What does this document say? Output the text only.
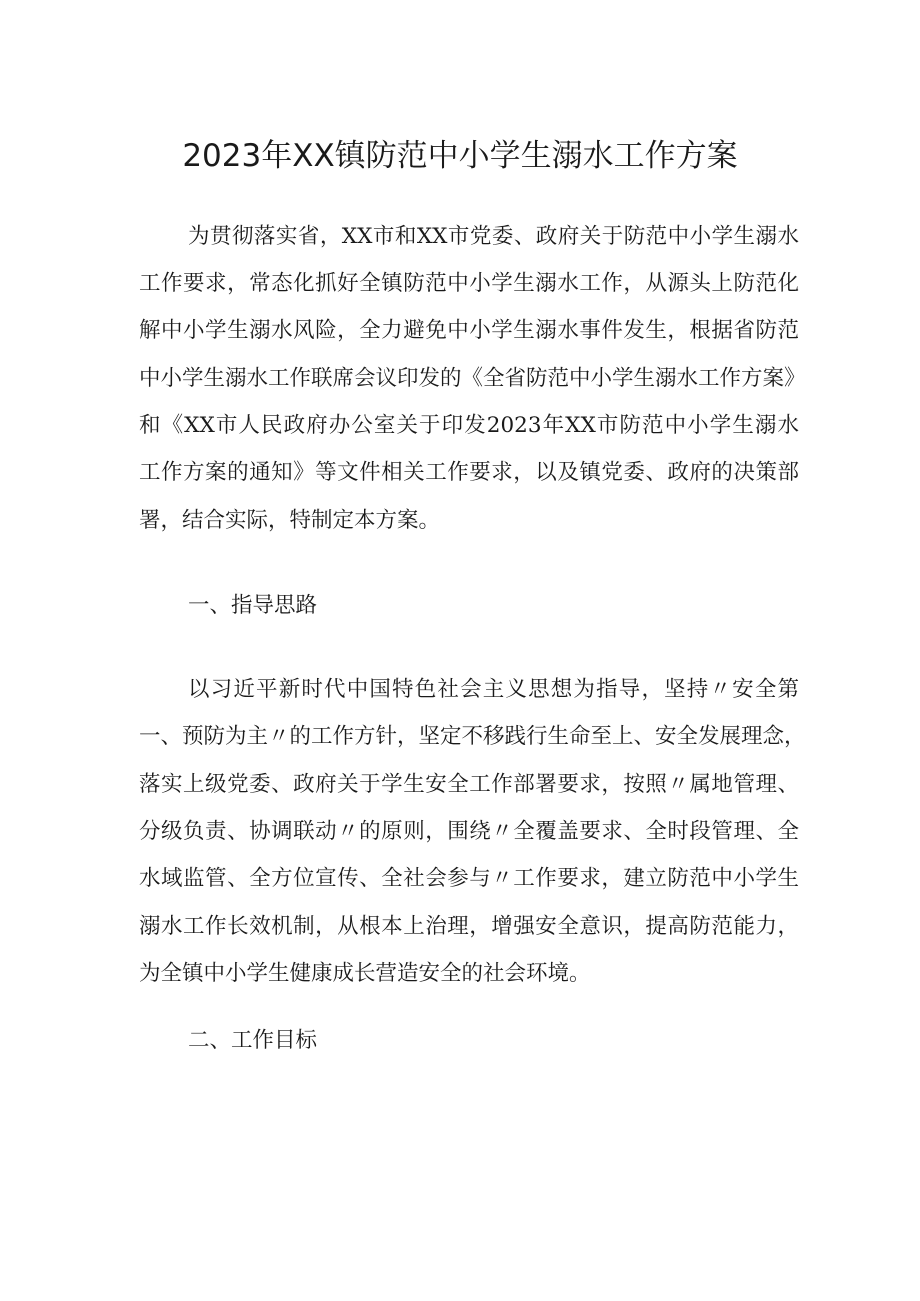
2023年XX镇防范中小学生溺水工作方案
为贯彻落实省，XX市和XX市党委、政府关于防范中小学生溺水
工作要求，常态化抓好全镇防范中小学生溺水工作，从源头上防范化
解中小学生溺水风险，全力避免中小学生溺水事件发生，根据省防范
中小学生溺水工作联席会议印发的《全省防范中小学生溺水工作方案》
和《XX市人民政府办公室关于印发2023年XX市防范中小学生溺水
工作方案的通知》等文件相关工作要求，以及镇党委、政府的决策部
署，结合实际，特制定本方案。
一、指导思路
以习近平新时代中国特色社会主义思想为指导，坚持〃安全第
一、预防为主〃的工作方针，坚定不移践行生命至上、安全发展理念，
落实上级党委、政府关于学生安全工作部署要求，按照〃属地管理、
分级负责、协调联动〃的原则，围绕〃全覆盖要求、全时段管理、全
水域监管、全方位宣传、全社会参与〃工作要求，建立防范中小学生
溺水工作长效机制，从根本上治理，增强安全意识，提高防范能力，
为全镇中小学生健康成长营造安全的社会环境。
二、工作目标
